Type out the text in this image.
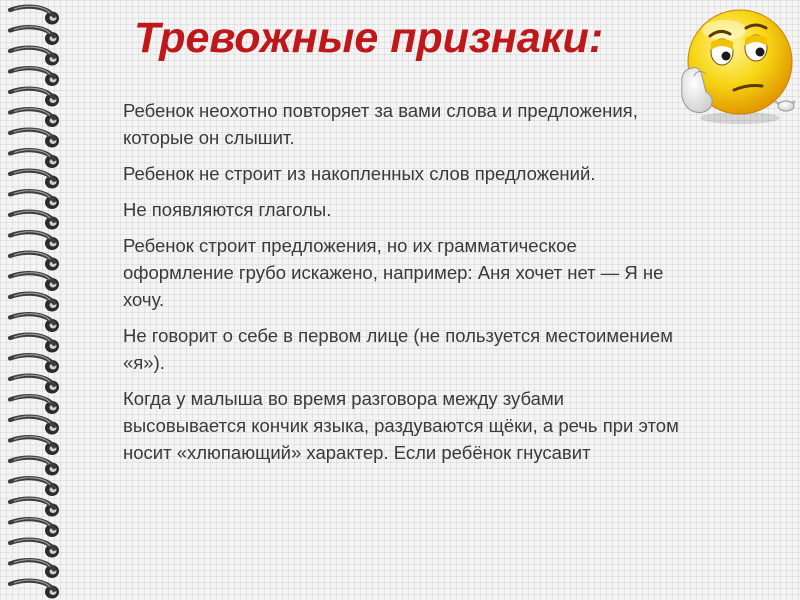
Тревожные признаки:
Ребенок неохотно повторяет за вами слова и предложения, которые он слышит.
Ребенок не строит из накопленных слов предложений.
Не появляются глаголы.
Ребенок строит предложения, но их грамматическое оформление грубо искажено, например: Аня хочет нет — Я не хочу.
Не говорит о себе в первом лице (не пользуется местоимением «я»).
Когда у малыша во время разговора между зубами высовывается кончик языка, раздуваются щёки, а речь при этом носит «хлюпающий» характер. Если ребёнок гнусавит
